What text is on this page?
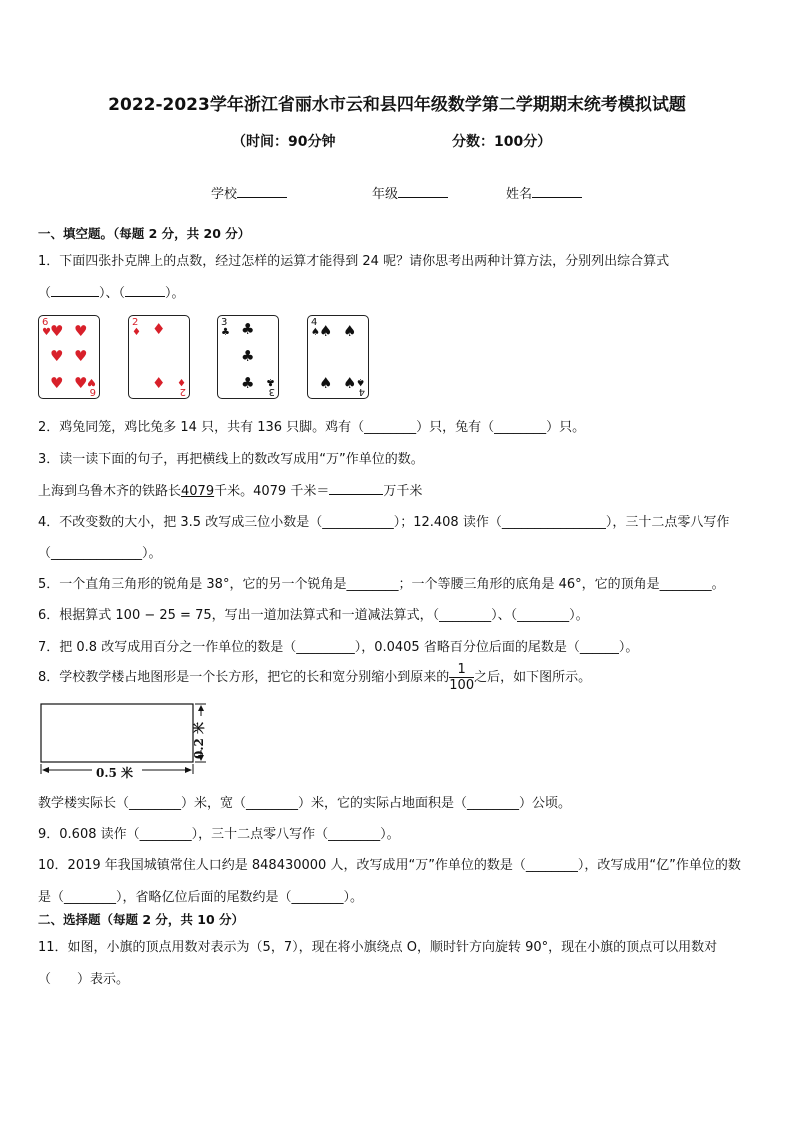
2022-2023学年浙江省丽水市云和县四年级数学第二学期期末统考模拟试题
（时间：90分钟	分数：100分）
学校	年级	姓名
一、填空题。（每题 2 分，共 20 分）
1．下面四张扑克牌上的点数，经过怎样的运算才能得到 24 呢？请你思考出两种计算方法，分别列出综合算式
（	）、（	）。
6
♥ ♥ ♥
♥ ♥
♥ ♥ 6
♥
2
♦ ♦
♦ 2
♦
3
♣ ♣
♣
♣ 3
♣
4
♠ ♠ ♠
♠ ♠ 4
♠
2．鸡兔同笼，鸡比兔多 14 只，共有 136 只脚。鸡有（________）只，兔有（________）只。
3．读一读下面的句子，再把横线上的数改写成用“万”作单位的数。
上海到乌鲁木齐的铁路长4079千米。4079 千米＝	万千米
4．不改变数的大小，把 3.5 改写成三位小数是（___________）；12.408 读作（________________），三十二点零八写作
（______________）。
5．一个直角三角形的锐角是 38°，它的另一个锐角是________；一个等腰三角形的底角是 46°，它的顶角是________。
6．根据算式 100 − 25 = 75，写出一道加法算式和一道减法算式，（________）、（________）。
7．把 0.8 改写成用百分之一作单位的数是（_________），0.0405 省略百分位后面的尾数是（______）。
8．学校教学楼占地图形是一个长方形，把它的长和宽分别缩小到原来的 $\frac{1}{100}$ 之后，如下图所示。
0.5 米
0.2 米
教学楼实际长（________）米，宽（________）米，它的实际占地面积是（________）公顷。
9．0.608 读作（________），三十二点零八写作（________）。
10．2019 年我国城镇常住人口约是 848430000 人，改写成用“万”作单位的数是（________），改写成用“亿”作单位的数
是（________），省略亿位后面的尾数约是（________）。
二、选择题（每题 2 分，共 10 分）
11．如图，小旗的顶点用数对表示为（5，7），现在将小旗绕点 O，顺时针方向旋转 90°，现在小旗的顶点可以用数对
（　　）表示。
